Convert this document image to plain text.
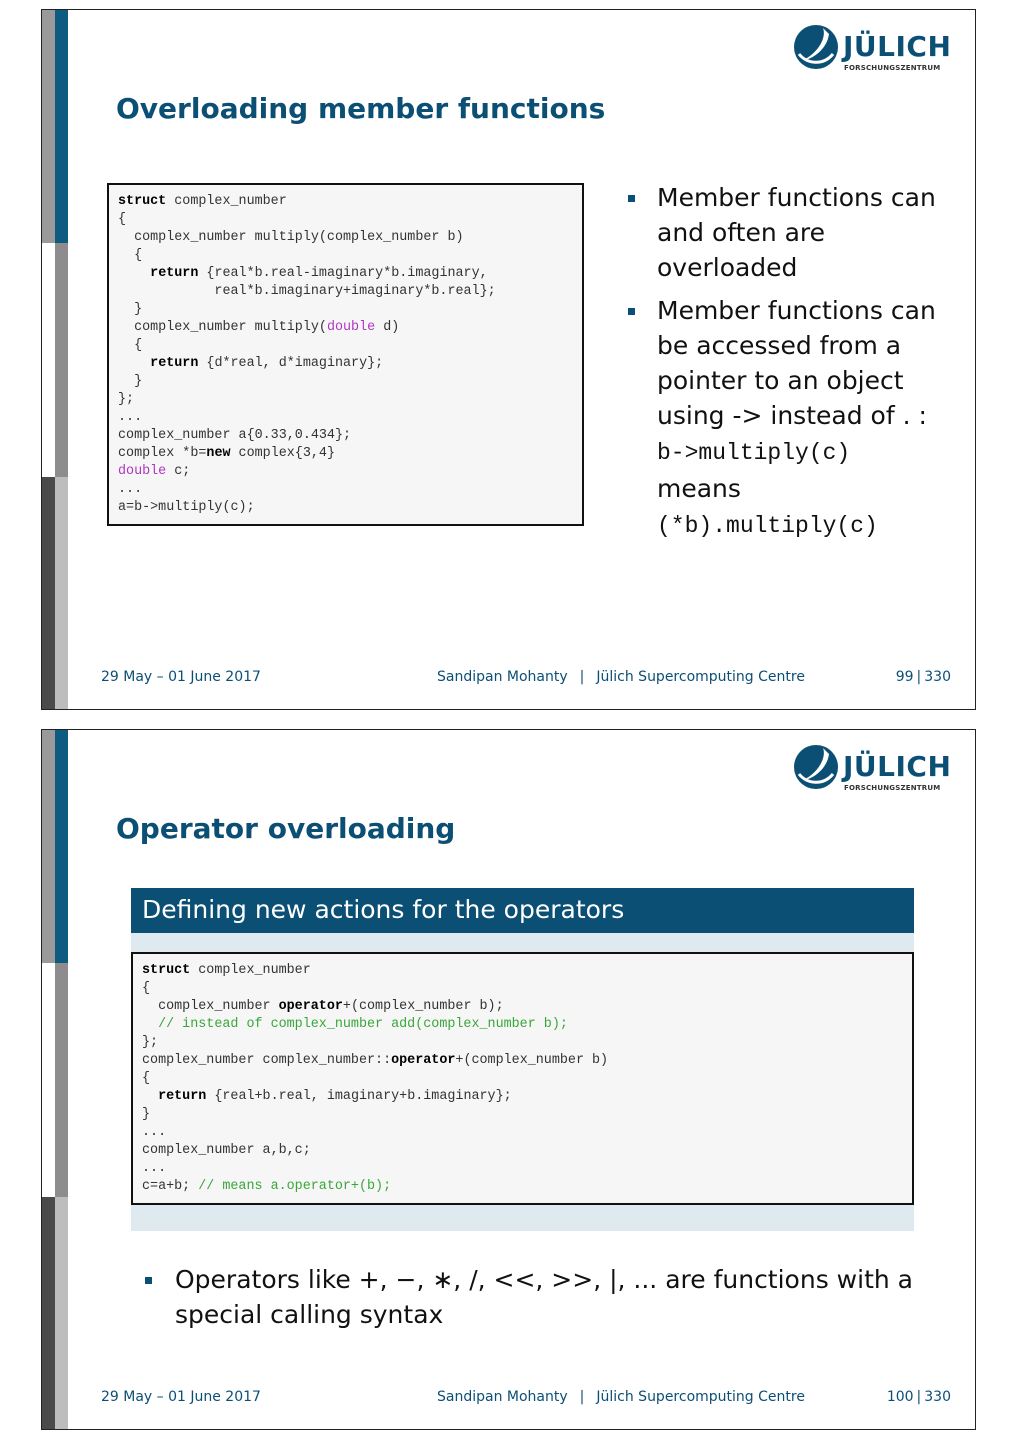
JÜLICH
FORSCHUNGSZENTRUM
Overloading member functions
struct complex_number
{
complex_number multiply(complex_number b)
{
return {real*b.real-imaginary*b.imaginary,
real*b.imaginary+imaginary*b.real};
}
complex_number multiply(double d)
{
return {d*real, d*imaginary};
}
};
...
complex_number a{0.33,0.434};
complex *b=new complex{3,4}
double c;
...
a=b->multiply(c);
Member functions can and often are overloaded
Member functions can be accessed from a pointer to an object using -> instead of . :
b->multiply(c)
means
(*b).multiply(c)
29 May – 01 June 2017	Sandipan Mohanty | Jülich Supercomputing Centre	99 | 330
JÜLICH
FORSCHUNGSZENTRUM
Operator overloading
Defining new actions for the operators
struct complex_number
{
complex_number operator+(complex_number b);
// instead of complex_number add(complex_number b);
};
complex_number complex_number::operator+(complex_number b)
{
return {real+b.real, imaginary+b.imaginary};
}
...
complex_number a,b,c;
...
c=a+b; // means a.operator+(b);
Operators like +, −, ∗, /, <<, >>, |, ... are functions with a special calling syntax
29 May – 01 June 2017	Sandipan Mohanty | Jülich Supercomputing Centre	100 | 330
